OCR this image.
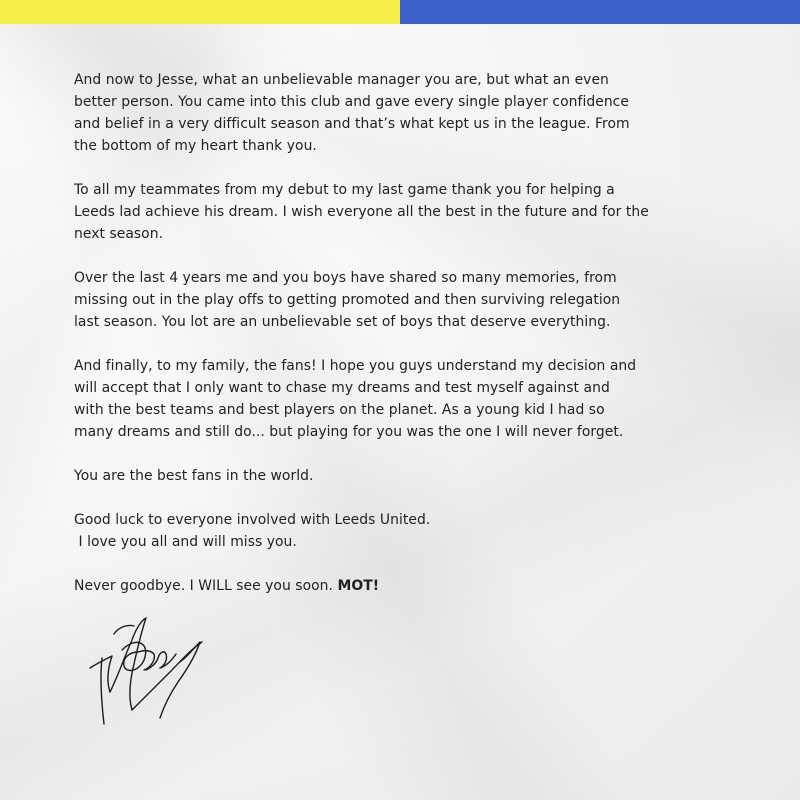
And now to Jesse, what an unbelievable manager you are, but what an even
better person. You came into this club and gave every single player confidence
and belief in a very difficult season and that’s what kept us in the league. From
the bottom of my heart thank you.

To all my teammates from my debut to my last game thank you for helping a
Leeds lad achieve his dream. I wish everyone all the best in the future and for the
next season.

Over the last 4 years me and you boys have shared so many memories, from
missing out in the play offs to getting promoted and then surviving relegation
last season. You lot are an unbelievable set of boys that deserve everything.

And finally, to my family, the fans! I hope you guys understand my decision and
will accept that I only want to chase my dreams and test myself against and
with the best teams and best players on the planet. As a young kid I had so
many dreams and still do... but playing for you was the one I will never forget.

You are the best fans in the world.

Good luck to everyone involved with Leeds United.
I love you all and will miss you.

Never goodbye. I WILL see you soon. MOT!
